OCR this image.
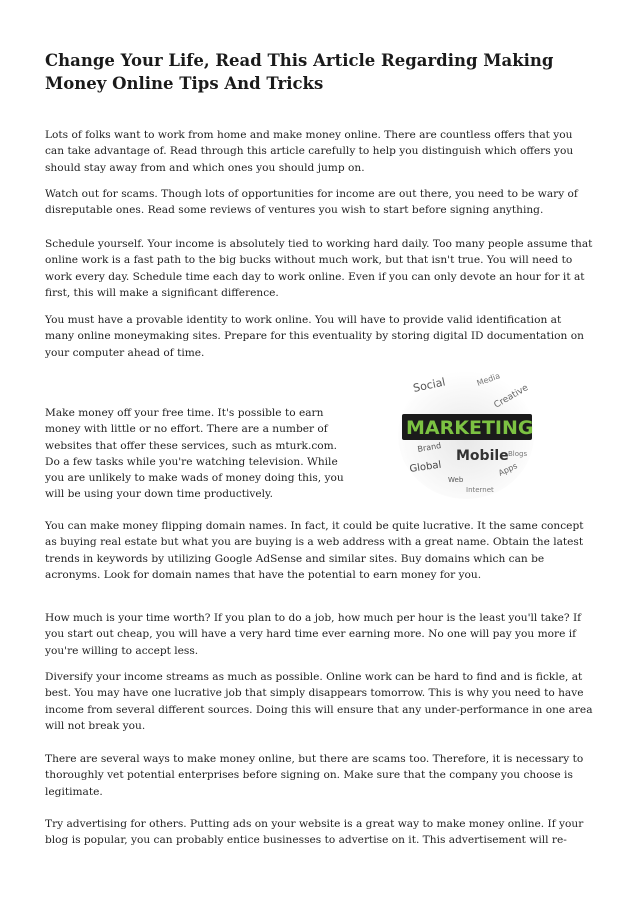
Change Your Life, Read This Article Regarding Making Money Online Tips And Tricks

Lots of folks want to work from home and make money online. There are countless offers that you can take advantage of. Read through this article carefully to help you distinguish which offers you should stay away from and which ones you should jump on.

Watch out for scams. Though lots of opportunities for income are out there, you need to be wary of disreputable ones. Read some reviews of ventures you wish to start before signing anything.

Schedule yourself. Your income is absolutely tied to working hard daily. Too many people assume that online work is a fast path to the big bucks without much work, but that isn't true. You will need to work every day. Schedule time each day to work online. Even if you can only devote an hour for it at first, this will make a significant difference.

You must have a provable identity to work online. You will have to provide valid identification at many online moneymaking sites. Prepare for this eventuality by storing digital ID documentation on your computer ahead of time.

Make money off your free time. It's possible to earn money with little or no effort. There are a number of websites that offer these services, such as mturk.com. Do a few tasks while you're watching television. While you are unlikely to make wads of money doing this, you will be using your down time productively.

Social	Media
Creative
MARKETING
Brand
Mobile Blogs
Global	Apps
Web
Internet

You can make money flipping domain names. In fact, it could be quite lucrative. It the same concept as buying real estate but what you are buying is a web address with a great name. Obtain the latest trends in keywords by utilizing Google AdSense and similar sites. Buy domains which can be acronyms. Look for domain names that have the potential to earn money for you.

How much is your time worth? If you plan to do a job, how much per hour is the least you'll take? If you start out cheap, you will have a very hard time ever earning more. No one will pay you more if you're willing to accept less.

Diversify your income streams as much as possible. Online work can be hard to find and is fickle, at best. You may have one lucrative job that simply disappears tomorrow. This is why you need to have income from several different sources. Doing this will ensure that any under-performance in one area will not break you.

There are several ways to make money online, but there are scams too. Therefore, it is necessary to thoroughly vet potential enterprises before signing on. Make sure that the company you choose is legitimate.

Try advertising for others. Putting ads on your website is a great way to make money online. If your blog is popular, you can probably entice businesses to advertise on it. This advertisement will re-
